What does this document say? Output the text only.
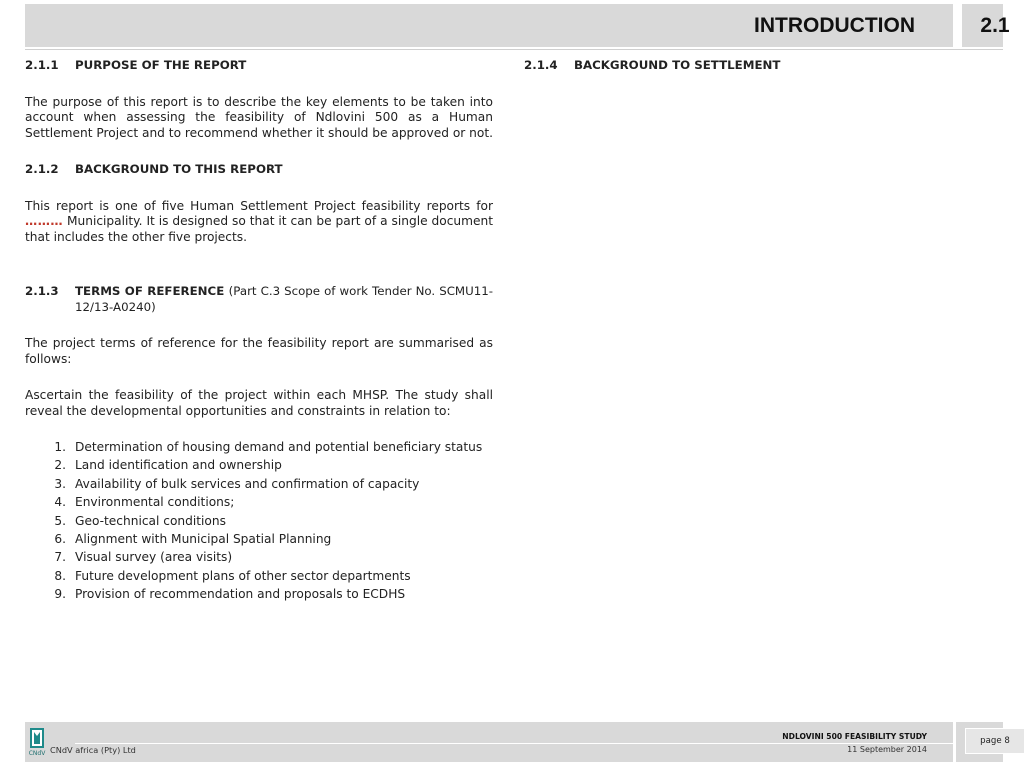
INTRODUCTION	2.1
2.1.1	PURPOSE OF THE REPORT

The purpose of this report is to describe the key elements to be taken into account when assessing the feasibility of Ndlovini 500 as a Human Settlement Project and to recommend whether it should be approved or not.

2.1.2	BACKGROUND TO THIS REPORT

This report is one of five Human Settlement Project feasibility reports for ……… Municipality. It is designed so that it can be part of a single document that includes the other five projects.

2.1.3	TERMS OF REFERENCE (Part C.3 Scope of work Tender No. SCMU11-12/13-A0240)

The project terms of reference for the feasibility report are summarised as follows:

Ascertain the feasibility of the project within each MHSP. The study shall reveal the developmental opportunities and constraints in relation to:

1. Determination of housing demand and potential beneficiary status
2. Land identification and ownership
3. Availability of bulk services and confirmation of capacity
4. Environmental conditions;
5. Geo-technical conditions
6. Alignment with Municipal Spatial Planning
7. Visual survey (area visits)
8. Future development plans of other sector departments
9. Provision of recommendation and proposals to ECDHS
2.1.4	BACKGROUND TO SETTLEMENT
CNdV CNdV africa (Pty) Ltd
NDLOVINI 500 FEASIBILITY STUDY
11 September 2014
page 8
